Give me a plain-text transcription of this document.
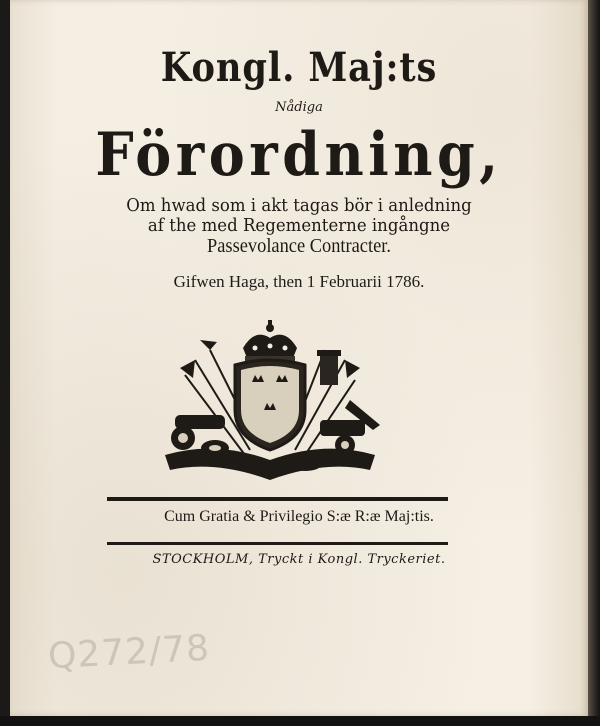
Kongl. Maj:ts
Nådiga
Förordning,
Om hwad som i akt tagas bör i anledning
af the med Regementerne ingångne
Passevolance Contracter.
Gifwen Haga, then 1 Februarii 1786.
Cum Gratia & Privilegio S:æ R:æ Maj:tis.
STOCKHOLM, Tryckt i Kongl. Tryckeriet.
Q272/78
